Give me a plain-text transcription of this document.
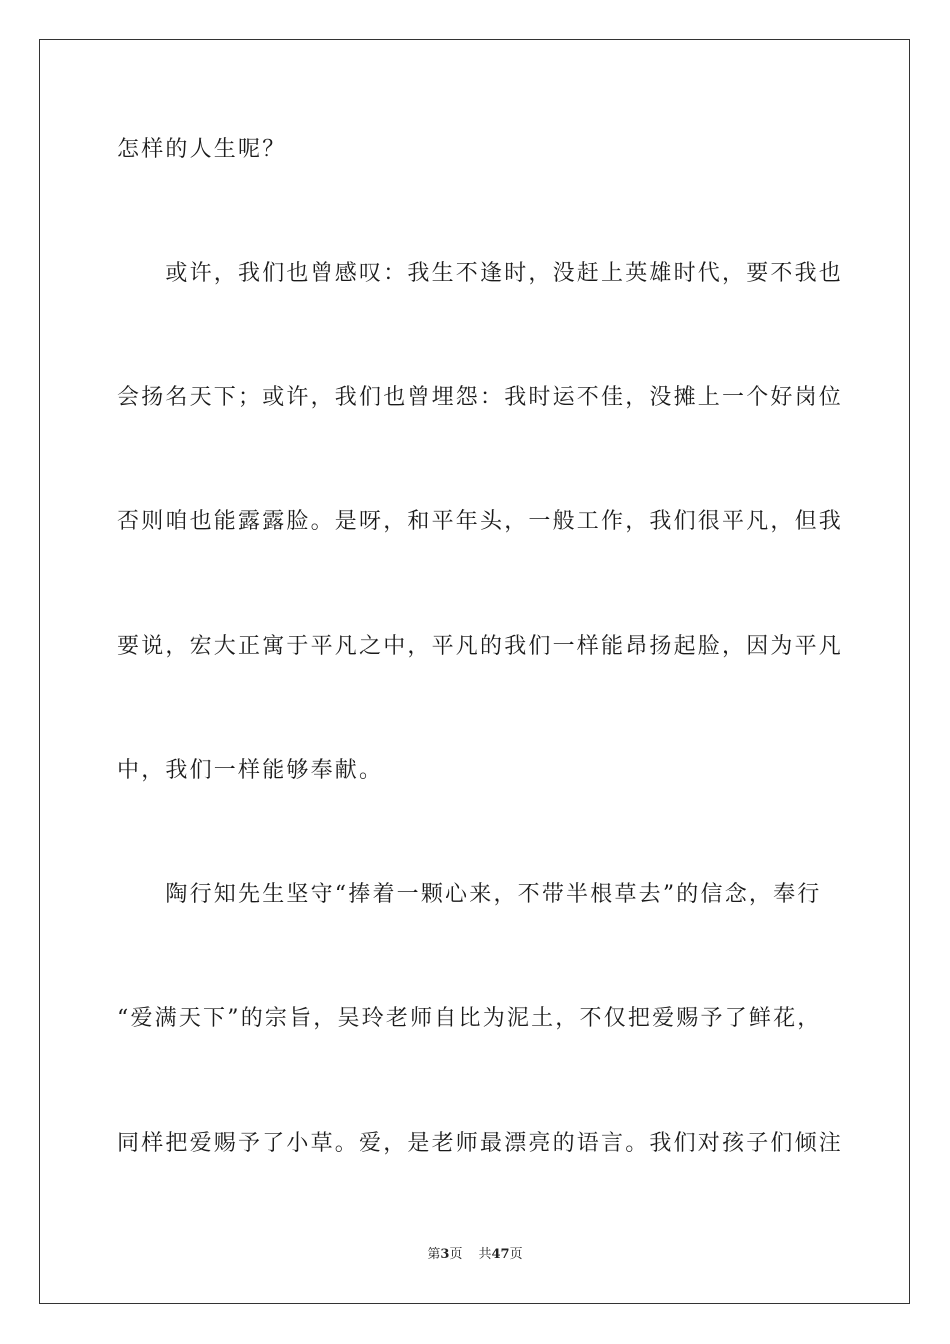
怎样的人生呢？
　　或许，我们也曾感叹：我生不逢时，没赶上英雄时代，要不我也
会扬名天下；或许，我们也曾埋怨：我时运不佳，没摊上一个好岗位
否则咱也能露露脸。是呀，和平年头，一般工作，我们很平凡，但我
要说，宏大正寓于平凡之中，平凡的我们一样能昂扬起脸，因为平凡
中，我们一样能够奉献。
　　陶行知先生坚守“捧着一颗心来，不带半根草去”的信念，奉行
“爱满天下”的宗旨，吴玲老师自比为泥土，不仅把爱赐予了鲜花，
同样把爱赐予了小草。爱，是老师最漂亮的语言。我们对孩子们倾注
第3页 共47页
